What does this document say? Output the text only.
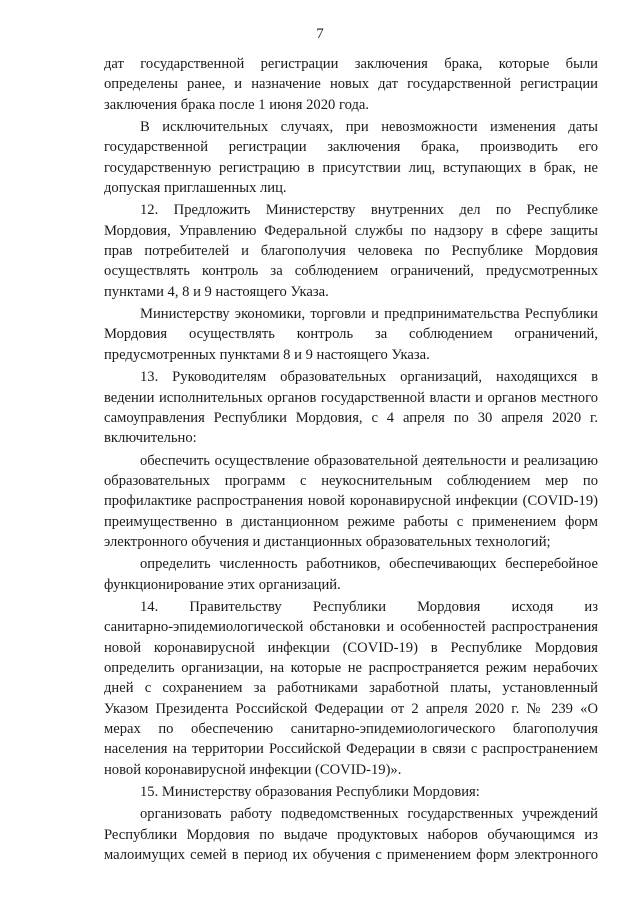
7
дат государственной регистрации заключения брака, которые были
определены ранее, и назначение новых дат государственной регистрации
заключения брака после 1 июня 2020 года.
В исключительных случаях, при невозможности изменения даты
государственной регистрации заключения брака, производить его
государственную регистрацию в присутствии лиц, вступающих в брак, не
допуская приглашенных лиц.
12. Предложить Министерству внутренних дел по Республике
Мордовия, Управлению Федеральной службы по надзору в сфере защиты
прав потребителей и благополучия человека по Республике Мордовия
осуществлять контроль за соблюдением ограничений, предусмотренных
пунктами 4, 8 и 9 настоящего Указа.
Министерству экономики, торговли и предпринимательства Республики
Мордовия осуществлять контроль за соблюдением ограничений,
предусмотренных пунктами 8 и 9 настоящего Указа.
13. Руководителям образовательных организаций, находящихся в
ведении исполнительных органов государственной власти и органов местного
самоуправления Республики Мордовия, с 4 апреля по 30 апреля 2020 г.
включительно:
обеспечить осуществление образовательной деятельности и реализацию
образовательных программ с неукоснительным соблюдением мер по
профилактике распространения новой коронавирусной инфекции (COVID-19)
преимущественно в дистанционном режиме работы с применением форм
электронного обучения и дистанционных образовательных технологий;
определить численность работников, обеспечивающих бесперебойное
функционирование этих организаций.
14. Правительству Республики Мордовия исходя из
санитарно-эпидемиологической обстановки и особенностей распространения
новой коронавирусной инфекции (COVID-19) в Республике Мордовия
определить организации, на которые не распространяется режим нерабочих
дней с сохранением за работниками заработной платы, установленный
Указом Президента Российской Федерации от 2 апреля 2020 г. № 239 «О
мерах по обеспечению санитарно-эпидемиологического благополучия
населения на территории Российской Федерации в связи с распространением
новой коронавирусной инфекции (COVID-19)».
15. Министерству образования Республики Мордовия:
организовать работу подведомственных государственных учреждений
Республики Мордовия по выдаче продуктовых наборов обучающимся из
малоимущих семей в период их обучения с применением форм электронного
